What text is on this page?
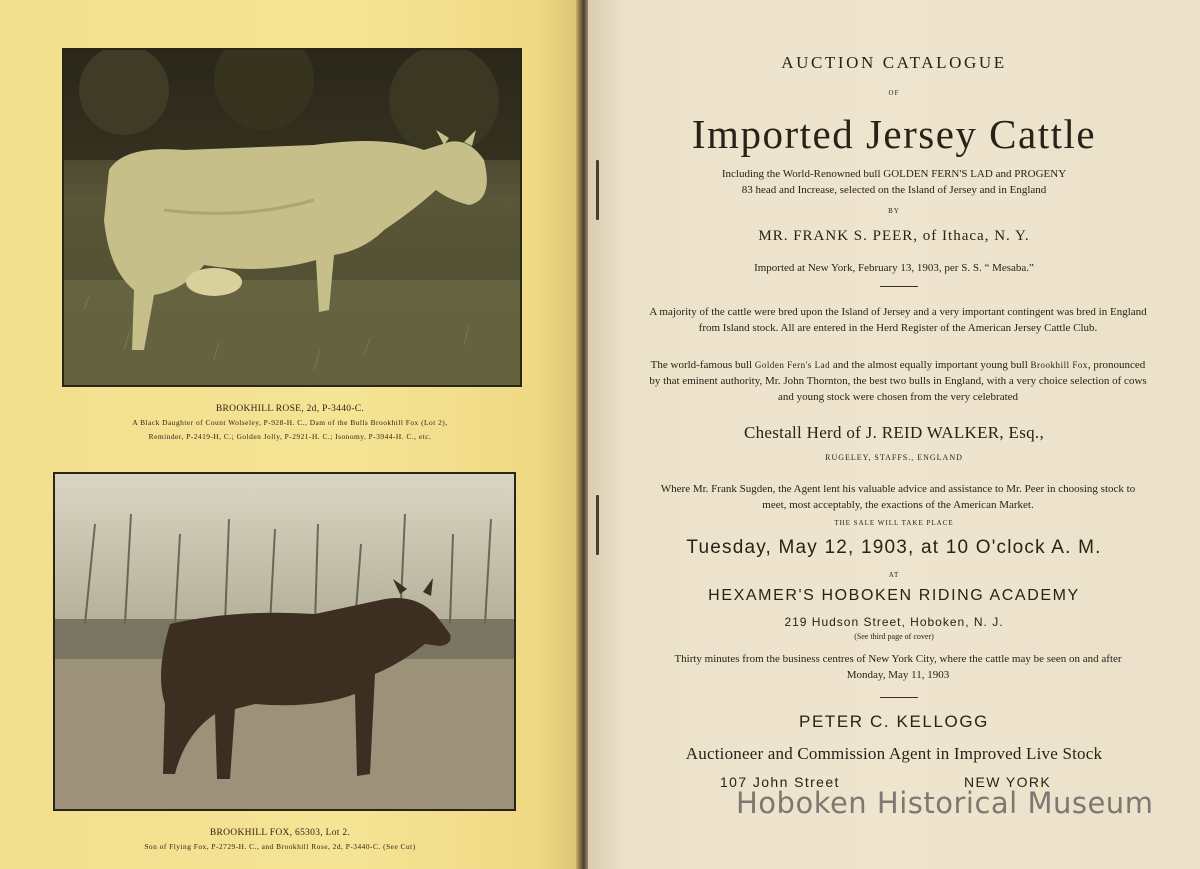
BROOKHILL ROSE, 2d, P-3440-C.
A Black Daughter of Count Wolseley, P-928-H. C., Dam of the Bulls Brookhill Fox (Lot 2),
Reminder, P-2419-H, C.; Golden Jolly, P-2921-H. C.; Isonomy, P-3944-H. C., etc.
BROOKHILL FOX, 65303, Lot 2.
Son of Flying Fox, P-2729-H. C., and Brookhill Rose, 2d, P-3440-C. (See Cut)
AUCTION CATALOGUE
OF
Imported Jersey Cattle
Including the World-Renowned bull GOLDEN FERN'S LAD and PROGENY
83 head and Increase, selected on the Island of Jersey and in England
BY
MR. FRANK S. PEER, of Ithaca, N. Y.
Imported at New York, February 13, 1903, per S. S. “ Mesaba.”
A majority of the cattle were bred upon the Island of Jersey and a very important contingent was bred in England from Island stock. All are entered in the Herd Register of the American Jersey Cattle Club.
The world-famous bull Golden Fern's Lad and the almost equally important young bull Brookhill Fox, pronounced by that eminent authority, Mr. John Thornton, the best two bulls in England, with a very choice selection of cows and young stock were chosen from the very celebrated
Chestall Herd of J. REID WALKER, Esq.,
RUGELEY, STAFFS., ENGLAND
Where Mr. Frank Sugden, the Agent lent his valuable advice and assistance to Mr. Peer in choosing stock to meet, most acceptably, the exactions of the American Market.
THE SALE WILL TAKE PLACE
Tuesday, May 12, 1903, at 10 O'clock A. M.
AT
HEXAMER'S HOBOKEN RIDING ACADEMY
219 Hudson Street, Hoboken, N. J.
(See third page of cover)
Thirty minutes from the business centres of New York City, where the cattle may be seen on and after Monday, May 11, 1903
PETER C. KELLOGG
Auctioneer and Commission Agent in Improved Live Stock
107 John Street	NEW YORK
Hoboken Historical Museum
